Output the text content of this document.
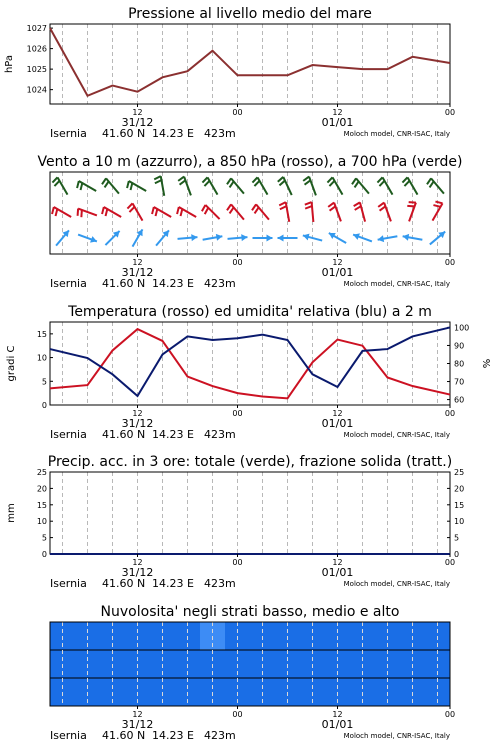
1024
1025
1026
1027
hPa
Pressione al livello medio del mare
12	00	12	00
31/12	01/01
Isernia 41.60 N 14.23 E 423m	Moloch model, CNR-ISAC, Italy
Vento a 10 m (azzurro), a 850 hPa (rosso), a 700 hPa (verde)
12	00	12	00
31/12	01/01
Isernia 41.60 N 14.23 E 423m	Moloch model, CNR-ISAC, Italy
0
5
10
15
gradi C
60
70
80
90
100
%
Temperatura (rosso) ed umidita' relativa (blu) a 2 m
12	00	12	00
31/12	01/01
Isernia 41.60 N 14.23 E 423m	Moloch model, CNR-ISAC, Italy
0
5
10
15
20
25
mm
0
5
10
15
20
25
Precip. acc. in 3 ore: totale (verde), frazione solida (tratt.)
12	00	12	00
31/12	01/01
Isernia 41.60 N 14.23 E 423m	Moloch model, CNR-ISAC, Italy
Nuvolosita' negli strati basso, medio e alto
12	00	12	00
31/12	01/01
Isernia 41.60 N 14.23 E 423m	Moloch model, CNR-ISAC, Italy
